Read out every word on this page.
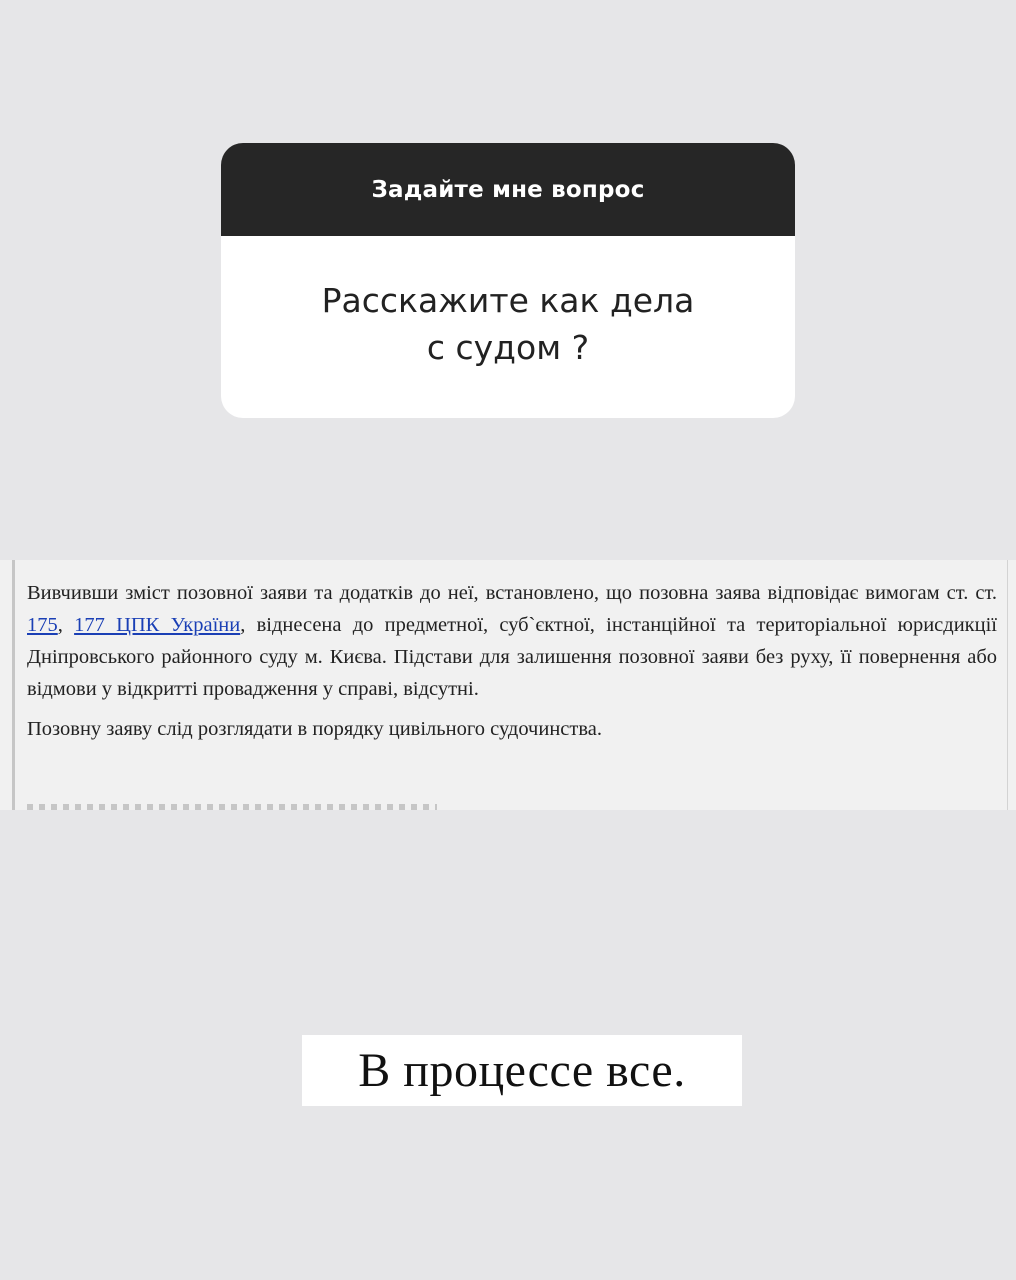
Задайте мне вопрос
Расскажите как дела
с судом ?

Вивчивши зміст позовної заяви та додатків до неї, встановлено, що позовна заява відповідає вимогам ст. ст. 175, 177 ЦПК України, віднесена до предметної, суб`єктної, інстанційної та територіальної юрисдикції Дніпровського районного суду м. Києва. Підстави для залишення позовної заяви без руху, її повернення або відмови у відкритті провадження у справі, відсутні.

Позовну заяву слід розглядати в порядку цивільного судочинства.

В процессе все.
